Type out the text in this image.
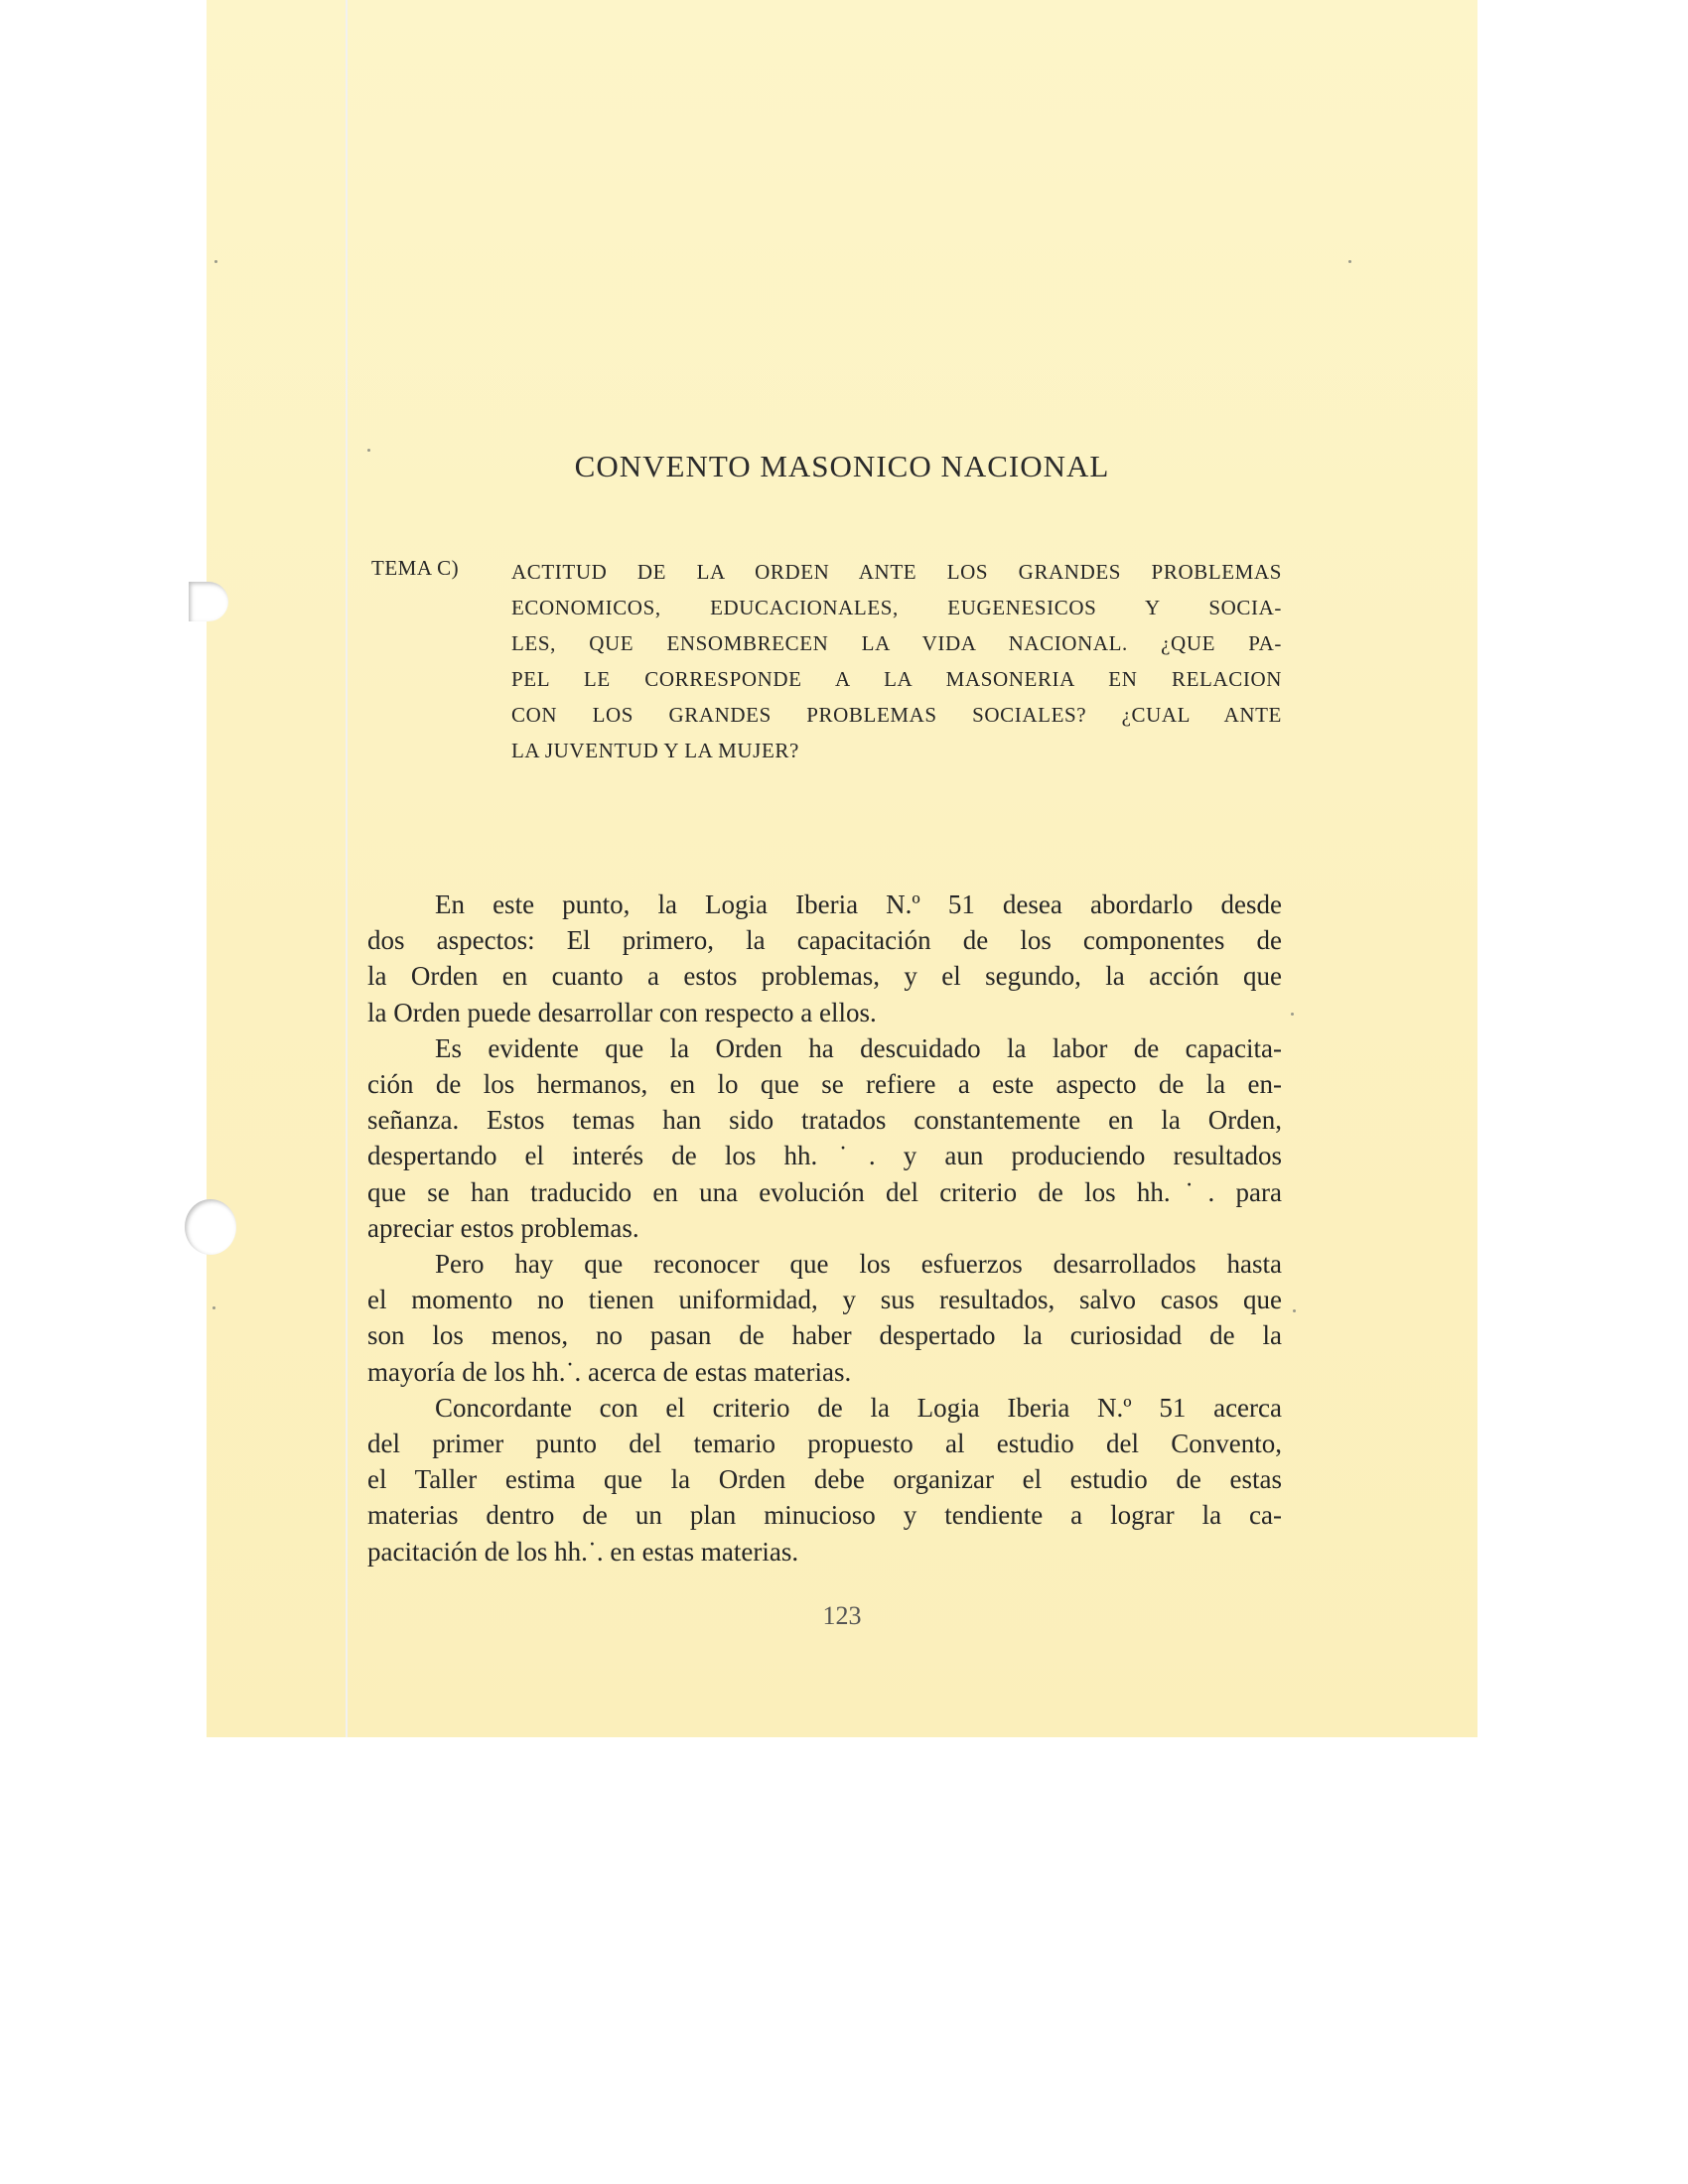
CONVENTO MASONICO NACIONAL
TEMA C)	ACTITUD DE LA ORDEN ANTE LOS GRANDES PROBLEMAS
ECONOMICOS, EDUCACIONALES, EUGENESICOS Y SOCIA-
LES, QUE ENSOMBRECEN LA VIDA NACIONAL. ¿QUE PA-
PEL LE CORRESPONDE A LA MASONERIA EN RELACION
CON LOS GRANDES PROBLEMAS SOCIALES? ¿CUAL ANTE
LA JUVENTUD Y LA MUJER?
En este punto, la Logia Iberia N.º 51 desea abordarlo desde
dos aspectos: El primero, la capacitación de los componentes de
la Orden en cuanto a estos problemas, y el segundo, la acción que
la Orden puede desarrollar con respecto a ellos.
Es evidente que la Orden ha descuidado la labor de capacita-
ción de los hermanos, en lo que se refiere a este aspecto de la en-
señanza. Estos temas han sido tratados constantemente en la Orden,
despertando el interés de los hh.˙. y aun produciendo resultados
que se han traducido en una evolución del criterio de los hh.˙. para
apreciar estos problemas.
Pero hay que reconocer que los esfuerzos desarrollados hasta
el momento no tienen uniformidad, y sus resultados, salvo casos que
son los menos, no pasan de haber despertado la curiosidad de la
mayoría de los hh.˙. acerca de estas materias.
Concordante con el criterio de la Logia Iberia N.º 51 acerca
del primer punto del temario propuesto al estudio del Convento,
el Taller estima que la Orden debe organizar el estudio de estas
materias dentro de un plan minucioso y tendiente a lograr la ca-
pacitación de los hh.˙. en estas materias.
123
